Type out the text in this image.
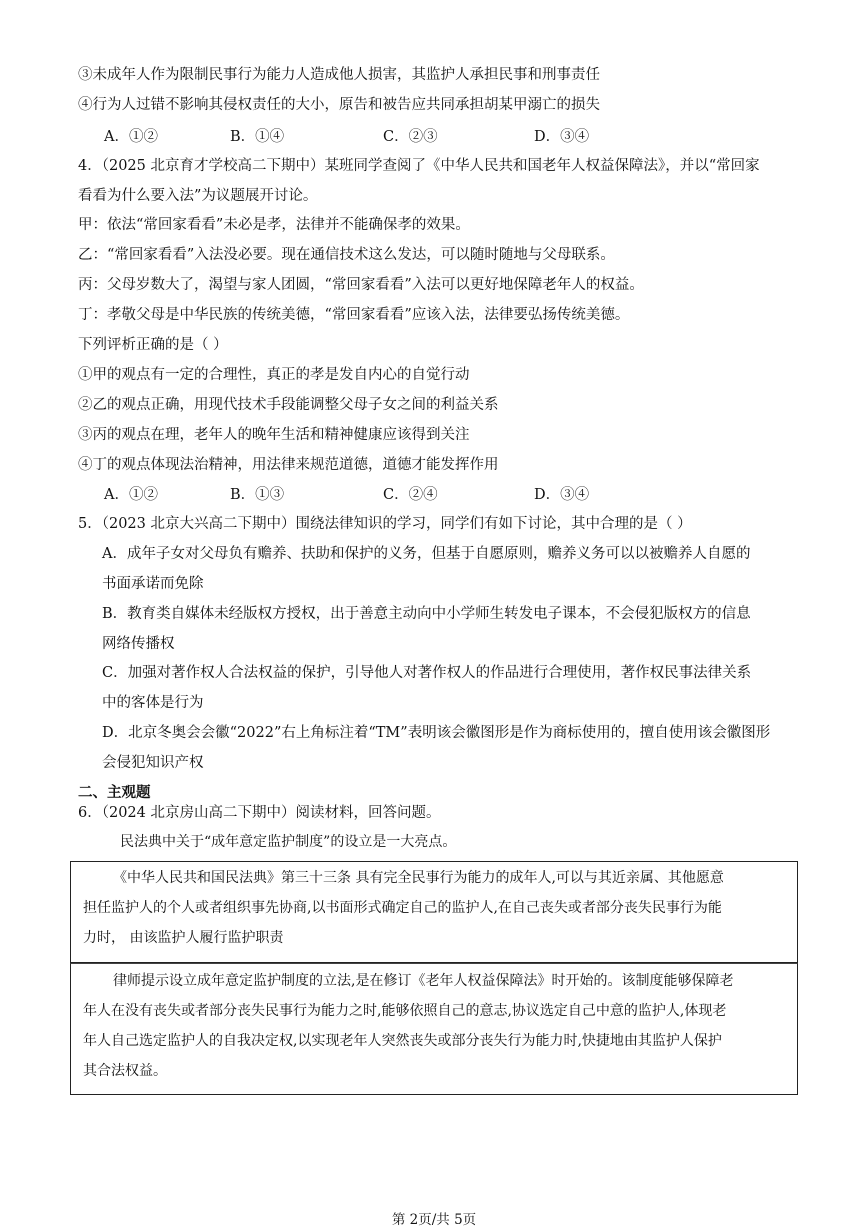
③未成年人作为限制民事行为能力人造成他人损害，其监护人承担民事和刑事责任
④行为人过错不影响其侵权责任的大小，原告和被告应共同承担胡某甲溺亡的损失
A．①②	B．①④	C．②③	D．③④
4．（2025 北京育才学校高二下期中）某班同学查阅了《中华人民共和国老年人权益保障法》，并以“常回家
看看为什么要入法”为议题展开讨论。
甲：依法“常回家看看”未必是孝，法律并不能确保孝的效果。
乙：“常回家看看”入法没必要。现在通信技术这么发达，可以随时随地与父母联系。
丙：父母岁数大了，渴望与家人团圆，“常回家看看”入法可以更好地保障老年人的权益。
丁：孝敬父母是中华民族的传统美德，“常回家看看”应该入法，法律要弘扬传统美德。
下列评析正确的是（ ）
①甲的观点有一定的合理性，真正的孝是发自内心的自觉行动
②乙的观点正确，用现代技术手段能调整父母子女之间的利益关系
③丙的观点在理，老年人的晚年生活和精神健康应该得到关注
④丁的观点体现法治精神，用法律来规范道德，道德才能发挥作用
A．①②	B．①③	C．②④	D．③④
5．（2023 北京大兴高二下期中）围绕法律知识的学习，同学们有如下讨论，其中合理的是（ ）
A．成年子女对父母负有赡养、扶助和保护的义务，但基于自愿原则，赡养义务可以以被赡养人自愿的
书面承诺而免除
B．教育类自媒体未经版权方授权，出于善意主动向中小学师生转发电子课本，不会侵犯版权方的信息
网络传播权
C．加强对著作权人合法权益的保护，引导他人对著作权人的作品进行合理使用，著作权民事法律关系
中的客体是行为
D．北京冬奥会会徽“2022”右上角标注着“TM”表明该会徽图形是作为商标使用的，擅自使用该会徽图形
会侵犯知识产权
二、主观题
6．（2024 北京房山高二下期中）阅读材料，回答问题。
民法典中关于“成年意定监护制度”的设立是一大亮点。
《中华人民共和国民法典》第三十三条 具有完全民事行为能力的成年人,可以与其近亲属、其他愿意
担任监护人的个人或者组织事先协商,以书面形式确定自己的监护人,在自己丧失或者部分丧失民事行为能
力时， 由该监护人履行监护职责
律师提示设立成年意定监护制度的立法,是在修订《老年人权益保障法》时开始的。该制度能够保障老
年人在没有丧失或者部分丧失民事行为能力之时,能够依照自己的意志,协议选定自己中意的监护人,体现老
年人自己选定监护人的自我决定权,以实现老年人突然丧失或部分丧失行为能力时,快捷地由其监护人保护
其合法权益。
第 2页/共 5页
